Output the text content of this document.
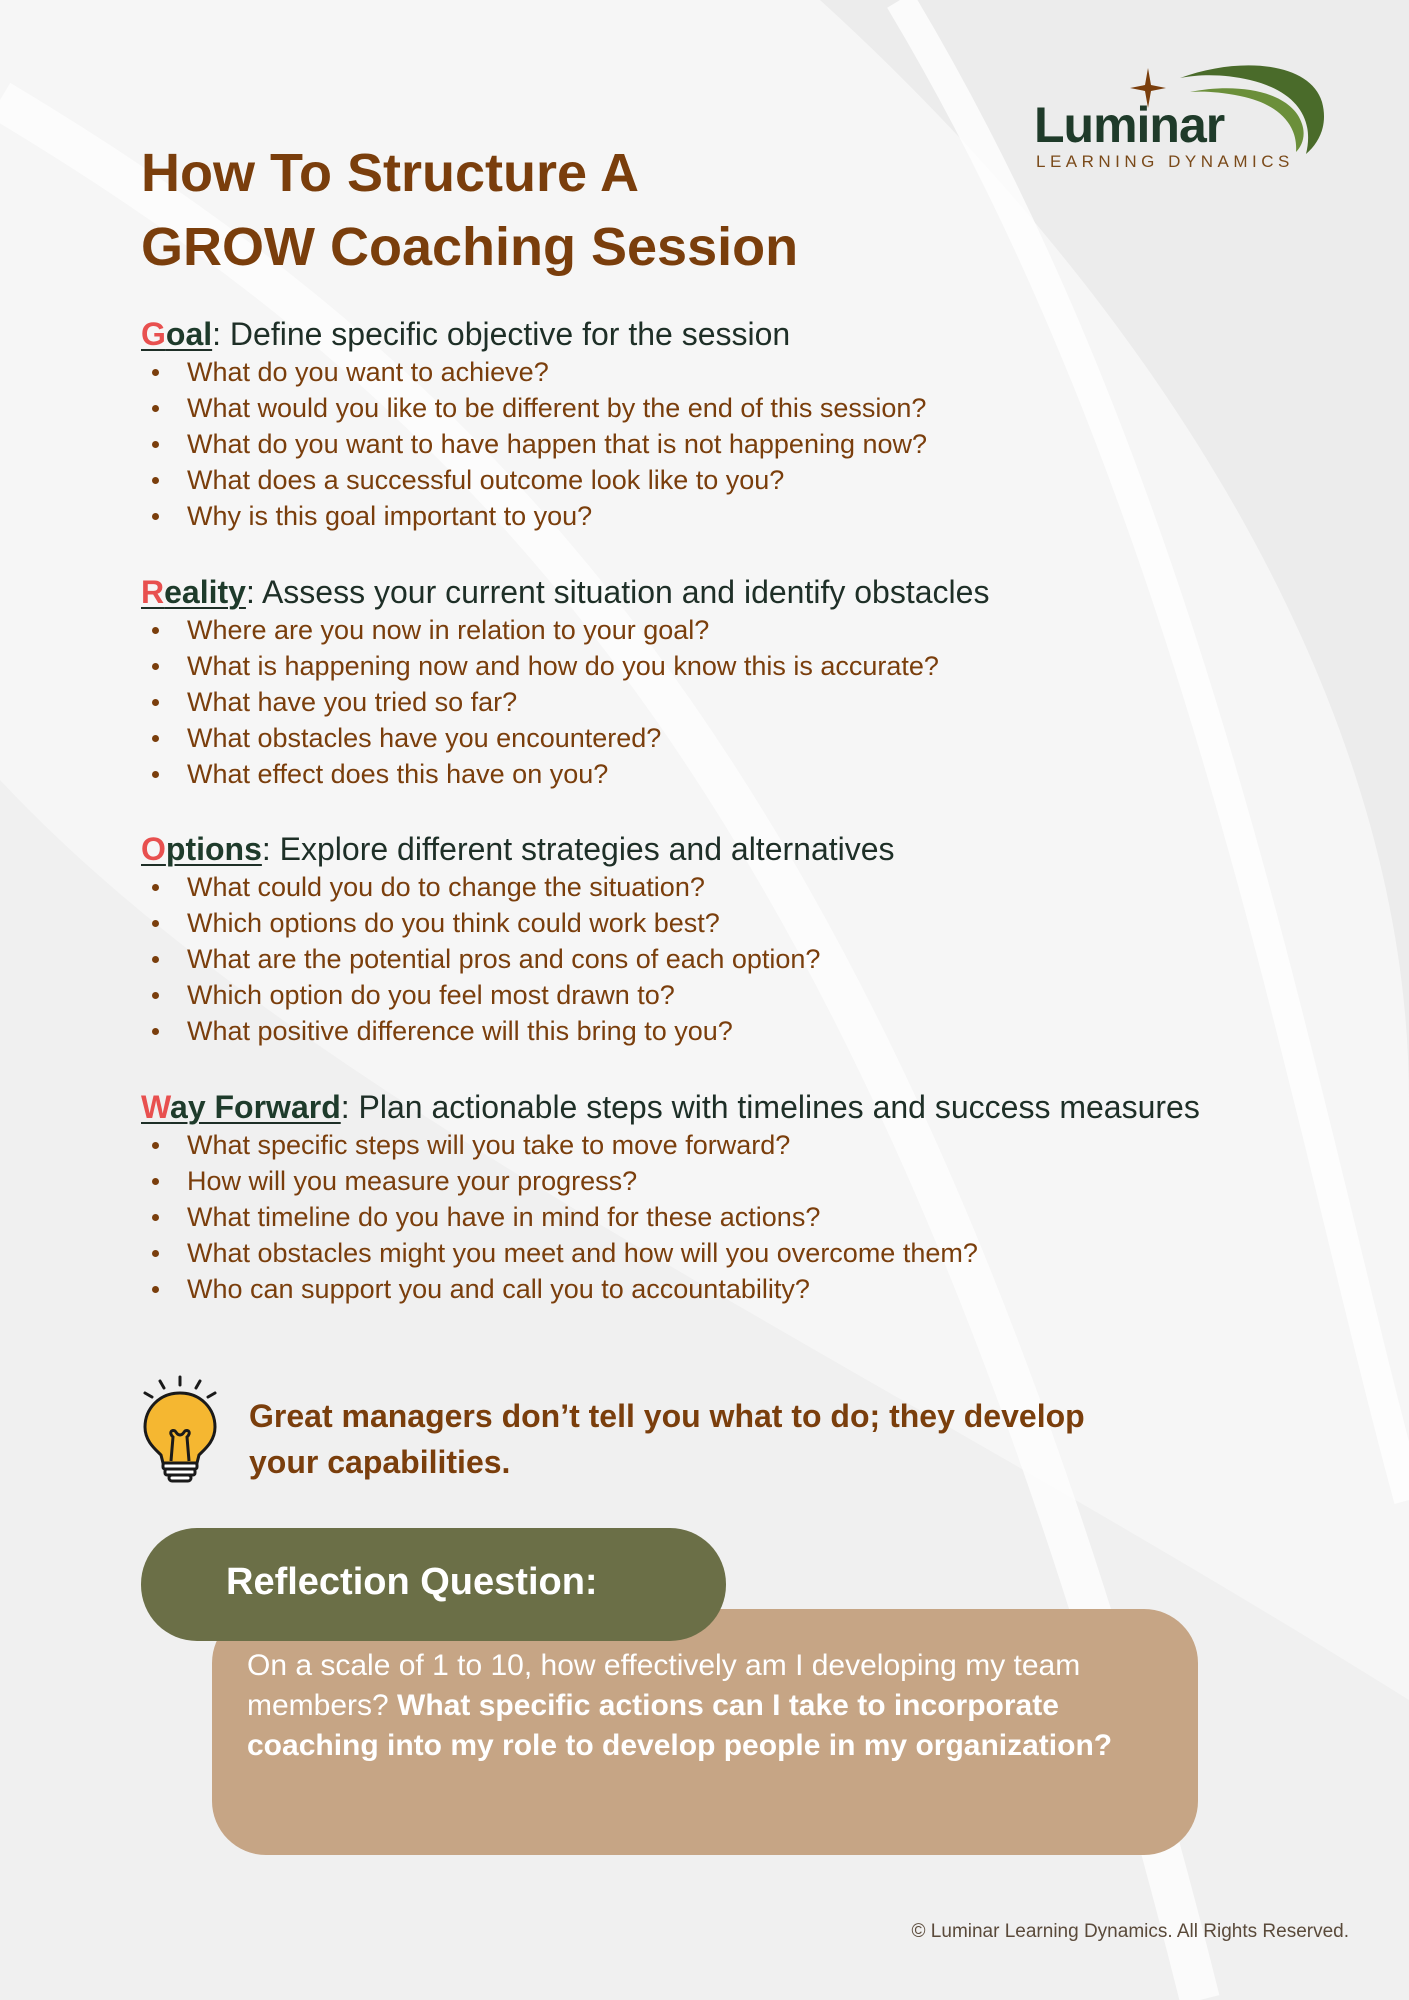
Luminar
LEARNING DYNAMICS
How To Structure A
GROW Coaching Session
Goal: Define specific objective for the session
What do you want to achieve?
What would you like to be different by the end of this session?
What do you want to have happen that is not happening now?
What does a successful outcome look like to you?
Why is this goal important to you?
Reality: Assess your current situation and identify obstacles
Where are you now in relation to your goal?
What is happening now and how do you know this is accurate?
What have you tried so far?
What obstacles have you encountered?
What effect does this have on you?
Options: Explore different strategies and alternatives
What could you do to change the situation?
Which options do you think could work best?
What are the potential pros and cons of each option?
Which option do you feel most drawn to?
What positive difference will this bring to you?
Way Forward: Plan actionable steps with timelines and success measures
What specific steps will you take to move forward?
How will you measure your progress?
What timeline do you have in mind for these actions?
What obstacles might you meet and how will you overcome them?
Who can support you and call you to accountability?
Great managers don’t tell you what to do; they develop
your capabilities.
On a scale of 1 to 10, how effectively am I developing my team members? What specific actions can I take to incorporate coaching into my role to develop people in my organization?
Reflection Question:
© Luminar Learning Dynamics. All Rights Reserved.
